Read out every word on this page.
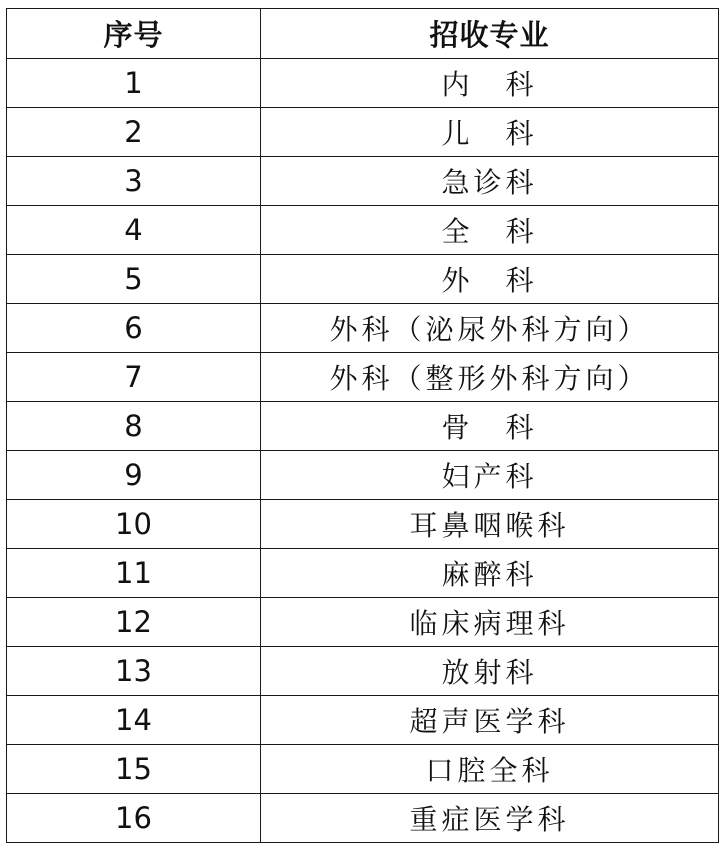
序号	招收专业
1	内　科
2	儿　科
3	急诊科
4	全　科
5	外　科
6	外科（泌尿外科方向）
7	外科（整形外科方向）
8	骨　科
9	妇产科
10	耳鼻咽喉科
11	麻醉科
12	临床病理科
13	放射科
14	超声医学科
15	口腔全科
16	重症医学科
